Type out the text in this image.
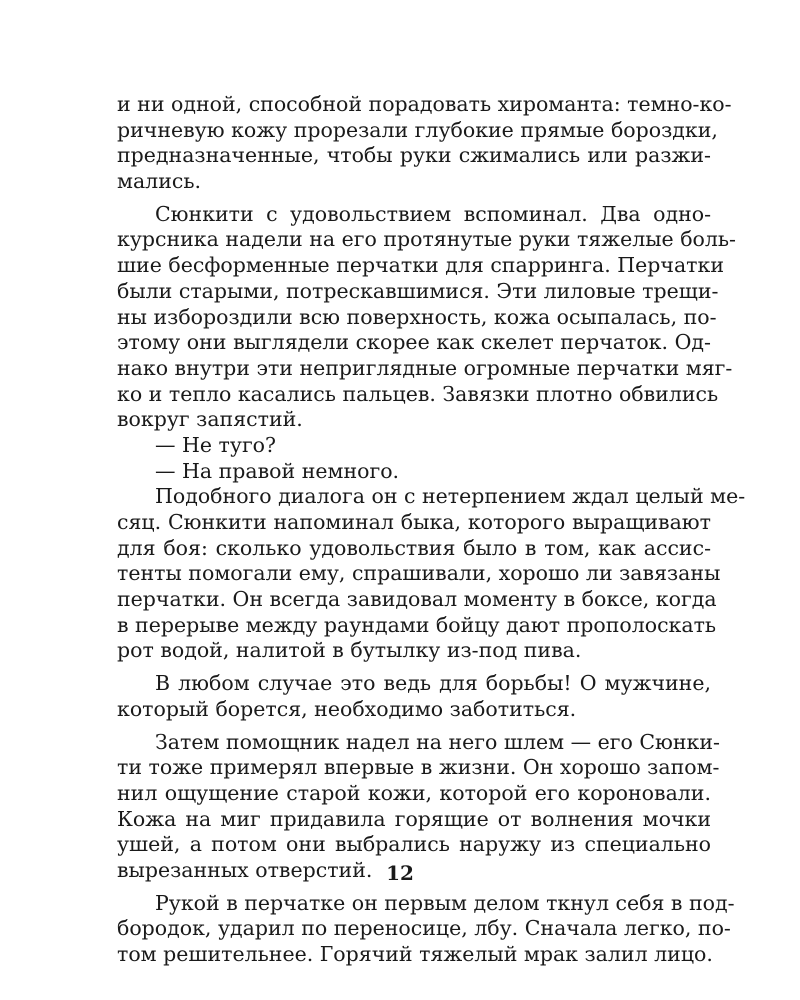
и ни одной, способной порадовать хироманта: темно-ко-
ричневую кожу прорезали глубокие прямые бороздки,
предназначенные, чтобы руки сжимались или разжи-
мались.
Сюнкити с удовольствием вспоминал. Два одно-
курсника надели на его протянутые руки тяжелые боль-
шие бесформенные перчатки для спарринга. Перчатки
были старыми, потрескавшимися. Эти лиловые трещи-
ны избороздили всю поверхность, кожа осыпалась, по-
этому они выглядели скорее как скелет перчаток. Од-
нако внутри эти неприглядные огромные перчатки мяг-
ко и тепло касались пальцев. Завязки плотно обвились
вокруг запястий.
— Не туго?
— На правой немного.
Подобного диалога он с нетерпением ждал целый ме-
сяц. Сюнкити напоминал быка, которого выращивают
для боя: сколько удовольствия было в том, как ассис-
тенты помогали ему, спрашивали, хорошо ли завязаны
перчатки. Он всегда завидовал моменту в боксе, когда
в перерыве между раундами бойцу дают прополоскать
рот водой, налитой в бутылку из-под пива.
В любом случае это ведь для борьбы! О мужчине,
который борется, необходимо заботиться.
Затем помощник надел на него шлем — его Сюнки-
ти тоже примерял впервые в жизни. Он хорошо запом-
нил ощущение старой кожи, которой его короновали.
Кожа на миг придавила горящие от волнения мочки
ушей, а потом они выбрались наружу из специально
вырезанных отверстий.
Рукой в перчатке он первым делом ткнул себя в под-
бородок, ударил по переносице, лбу. Сначала легко, по-
том решительнее. Горячий тяжелый мрак залил лицо.
12
